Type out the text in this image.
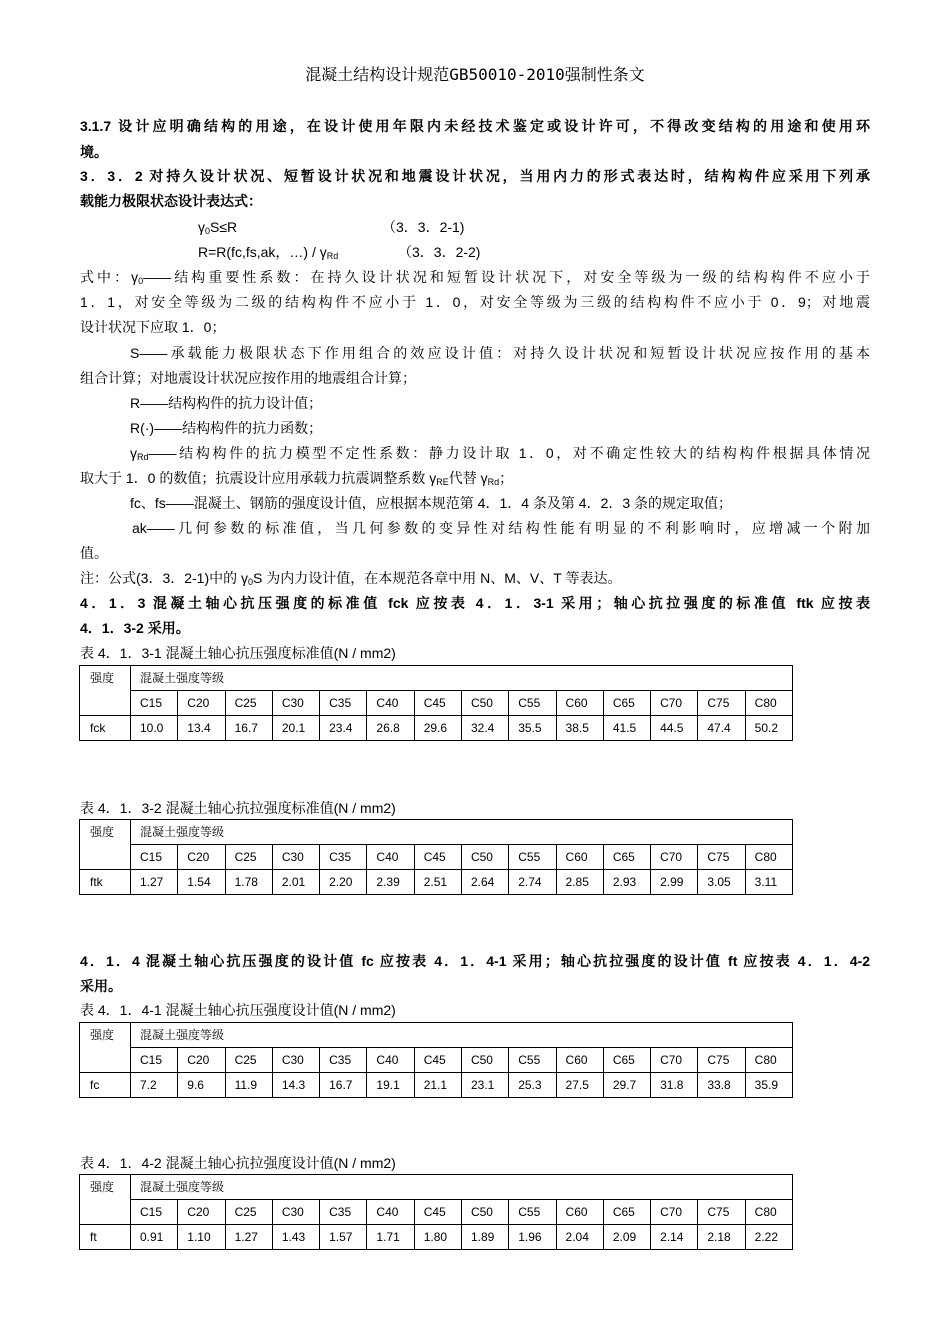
混凝土结构设计规范GB50010-2010强制性条文
3.1.7 设计应明确结构的用途，在设计使用年限内未经技术鉴定或设计许可，不得改变结构的用途和使用环
境。
3．3．2 对持久设计状况、短暂设计状况和地震设计状况，当用内力的形式表达时，结构构件应采用下列承
载能力极限状态设计表达式：
$\gamma_0S\le R$	（3．3．2-1)
R=R(fc,fs,ak，…) / $\gamma_{Rd}$	（3．3．2-2)
式中：$\gamma_0——$结构重要性系数：在持久设计状况和短暂设计状况下，对安全等级为一级的结构构件不应小于
1．1，对安全等级为二级的结构构件不应小于 1．0，对安全等级为三级的结构构件不应小于 0．9；对地震
设计状况下应取 1．0；
S——承载能力极限状态下作用组合的效应设计值：对持久设计状况和短暂设计状况应按作用的基本
组合计算；对地震设计状况应按作用的地震组合计算；
R——结构构件的抗力设计值；
R(·)——结构构件的抗力函数；
$\gamma_{Rd}——$结构构件的抗力模型不定性系数：静力设计取 1．0，对不确定性较大的结构构件根据具体情况
取大于 1．0 的数值；抗震设计应用承载力抗震调整系数 $\gamma_{RE}$代替 $\gamma_{Rd}$；
fc、fs——混凝土、钢筋的强度设计值，应根据本规范第 4．1．4 条及第 4．2．3 条的规定取值；
ak——几何参数的标准值，当几何参数的变异性对结构性能有明显的不利影响时，应增减一个附加
值。
注：公式(3．3．2-1)中的 $\gamma_0S$ 为内力设计值，在本规范各章中用 N、M、V、T 等表达。
4．1．3 混凝土轴心抗压强度的标准值 fck 应按表 4．1．3-1 采用；轴心抗拉强度的标准值 ftk 应按表
4．1．3-2 采用。
表 4．1．3-1 混凝土轴心抗压强度标准值(N / mm2)
强度	混凝土强度等级													
	C15	C20	C25	C30	C35	C40	C45	C50	C55	C60	C65	C70	C75	C80
fck	10.0	13.4	16.7	20.1	23.4	26.8	29.6	32.4	35.5	38.5	41.5	44.5	47.4	50.2
表 4．1．3-2 混凝土轴心抗拉强度标准值(N / mm2)
强度	混凝土强度等级													
	C15	C20	C25	C30	C35	C40	C45	C50	C55	C60	C65	C70	C75	C80
ftk	1.27	1.54	1.78	2.01	2.20	2.39	2.51	2.64	2.74	2.85	2.93	2.99	3.05	3.11
4．1．4 混凝土轴心抗压强度的设计值 fc 应按表 4．1．4-1 采用；轴心抗拉强度的设计值 ft 应按表 4．1．4-2
采用。
表 4．1．4-1 混凝土轴心抗压强度设计值(N / mm2)
强度	混凝土强度等级													
	C15	C20	C25	C30	C35	C40	C45	C50	C55	C60	C65	C70	C75	C80
fc	7.2	9.6	11.9	14.3	16.7	19.1	21.1	23.1	25.3	27.5	29.7	31.8	33.8	35.9
表 4．1．4-2 混凝土轴心抗拉强度设计值(N / mm2)
强度	混凝土强度等级													
	C15	C20	C25	C30	C35	C40	C45	C50	C55	C60	C65	C70	C75	C80
ft	0.91	1.10	1.27	1.43	1.57	1.71	1.80	1.89	1.96	2.04	2.09	2.14	2.18	2.22
